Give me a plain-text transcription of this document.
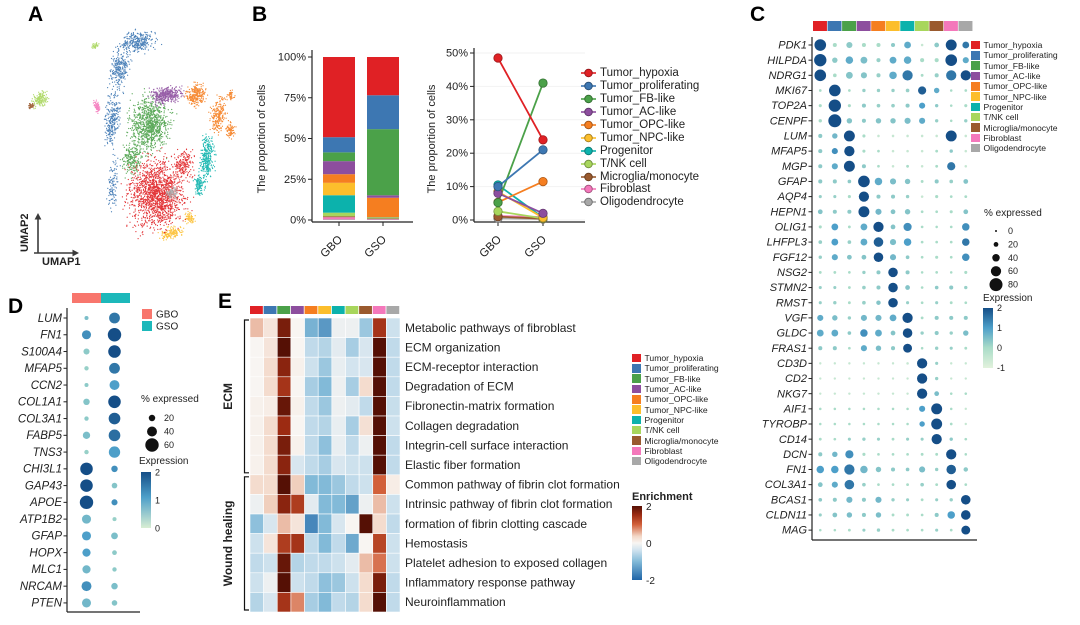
UMAP2
UMAP1
A
The proportion of cells
0%
25%
50%
75%
100%
GBO GSO
The proportion of cells
0%
10%
20%
30%
40%
50%
GBO GSO
B
Tumor_hypoxia
Tumor_proliferating
Tumor_FB-like
Tumor_AC-like
Tumor_OPC-like
Tumor_NPC-like
Progenitor
T/NK cell
Microglia/monocyte
Fibroblast
Oligodendrocyte
PDK1
HILPDA
NDRG1
MKI67
TOP2A
CENPF
LUM
MFAP5
MGP
GFAP
AQP4
HEPN1
OLIG1
LHFPL3
FGF12
NSG2
STMN2
RMST
VGF
GLDC
FRAS1
CD3D
CD2
NKG7
AIF1
TYROBP
CD14
DCN
FN1
COL3A1
BCAS1
CLDN11
MAG
% expressed
0
20
40
60
80
Expression
2
1
0
-1
C
Tumor_hypoxia
Tumor_proliferating
Tumor_FB-like
Tumor_AC-like
Tumor_OPC-like
Tumor_NPC-like
Progenitor
T/NK cell
Microglia/monocyte
Fibroblast
Oligodendrocyte
LUM
FN1
S100A4
MFAP5
CCN2
COL1A1
COL3A1
FABP5
TNS3
CHI3L1
GAP43
APOE
ATP1B2
GFAP
HOPX
MLC1
NRCAM
PTEN
GBO
GSO
% expressed
20
40
60
Expression
2
1
0
D
Metabolic pathways of fibroblast
ECM organization
ECM-receptor interaction
Degradation of ECM
Fibronectin-matrix formation
Collagen degradation
Integrin-cell surface interaction
Elastic fiber formation
Common pathway of fibrin clot formation
Intrinsic pathway of fibrin clot formation
formation of fibrin clotting cascade
Hemostasis
Platelet adhesion to exposed collagen
Inflammatory response pathway
Neuroinflammation
ECM
Wound healing
Enrichment
2
0
-2
E
Tumor_hypoxia
Tumor_proliferating
Tumor_FB-like
Tumor_AC-like
Tumor_OPC-like
Tumor_NPC-like
Progenitor
T/NK cell
Microglia/monocyte
Fibroblast
Oligodendrocyte
